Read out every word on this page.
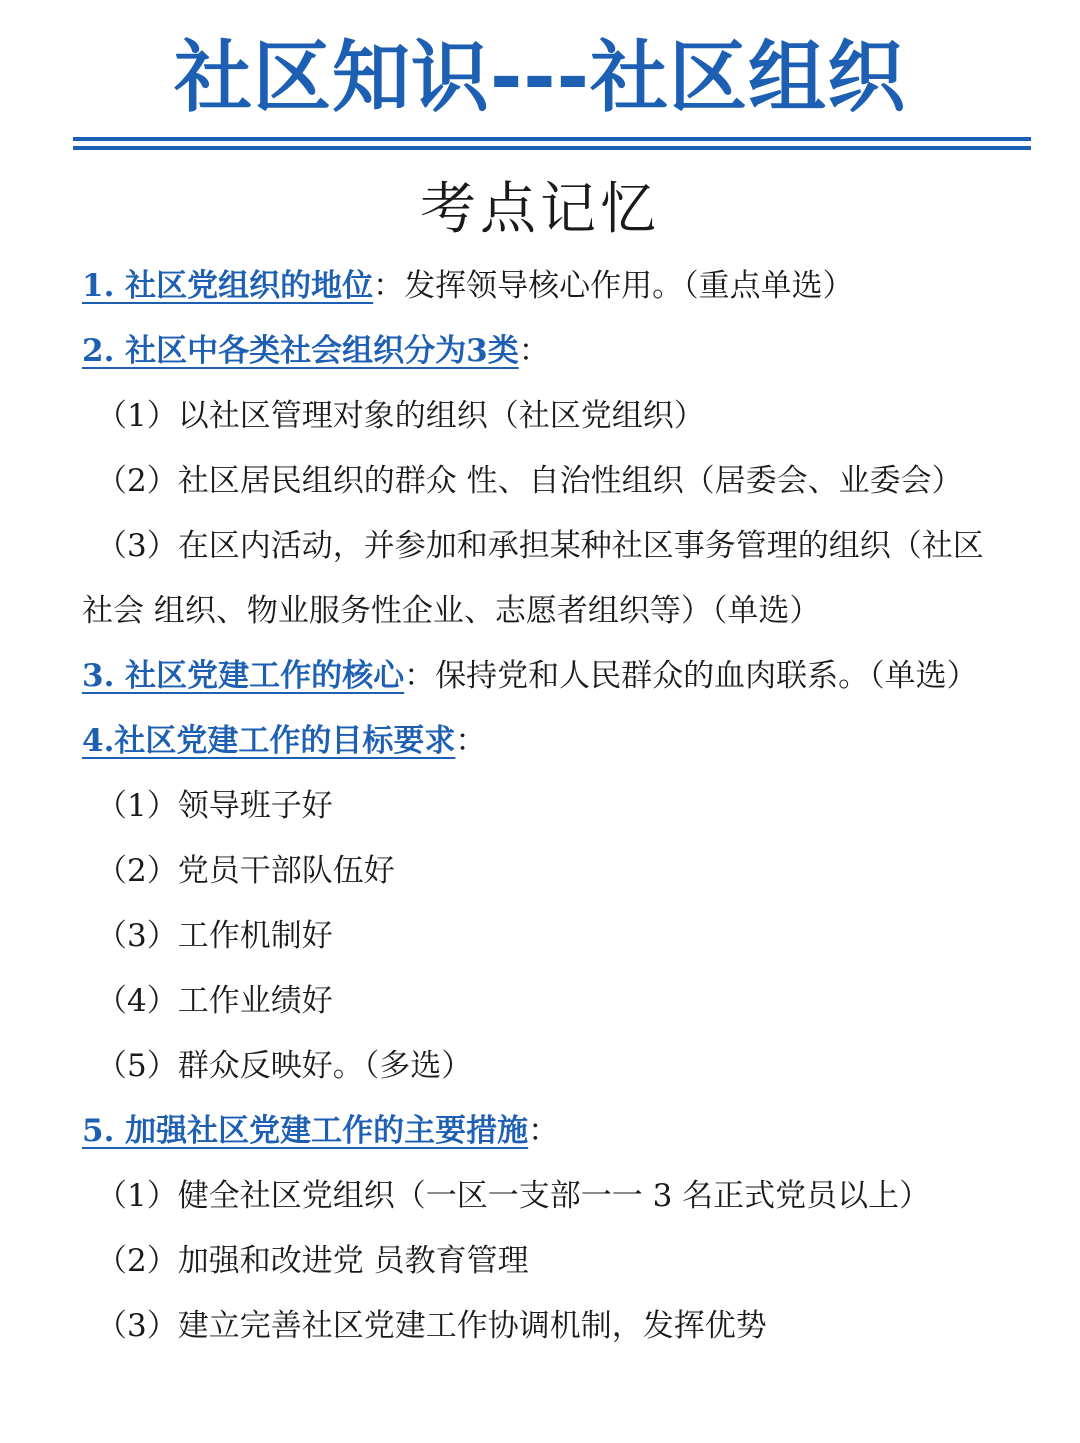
社区知识---社区组织
考点记忆

1. 社区党组织的地位：发挥领导核心作用。（重点单选）

2. 社区中各类社会组织分为3类：

（1）以社区管理对象的组织（社区党组织）

（2）社区居民组织的群众 性、自治性组织（居委会、业委会）

（3）在区内活动，并参加和承担某种社区事务管理的组织（社区社会 组织、物业服务性企业、志愿者组织等）（单选）

3. 社区党建工作的核心：保持党和人民群众的血肉联系。（单选）

4.社区党建工作的目标要求：

（1）领导班子好

（2）党员干部队伍好

（3）工作机制好

（4）工作业绩好

（5）群众反映好。（多选）

5. 加强社区党建工作的主要措施：

（1）健全社区党组织（一区一支部一一 3 名正式党员以上）

（2）加强和改进党 员教育管理

（3）建立完善社区党建工作协调机制，发挥优势
